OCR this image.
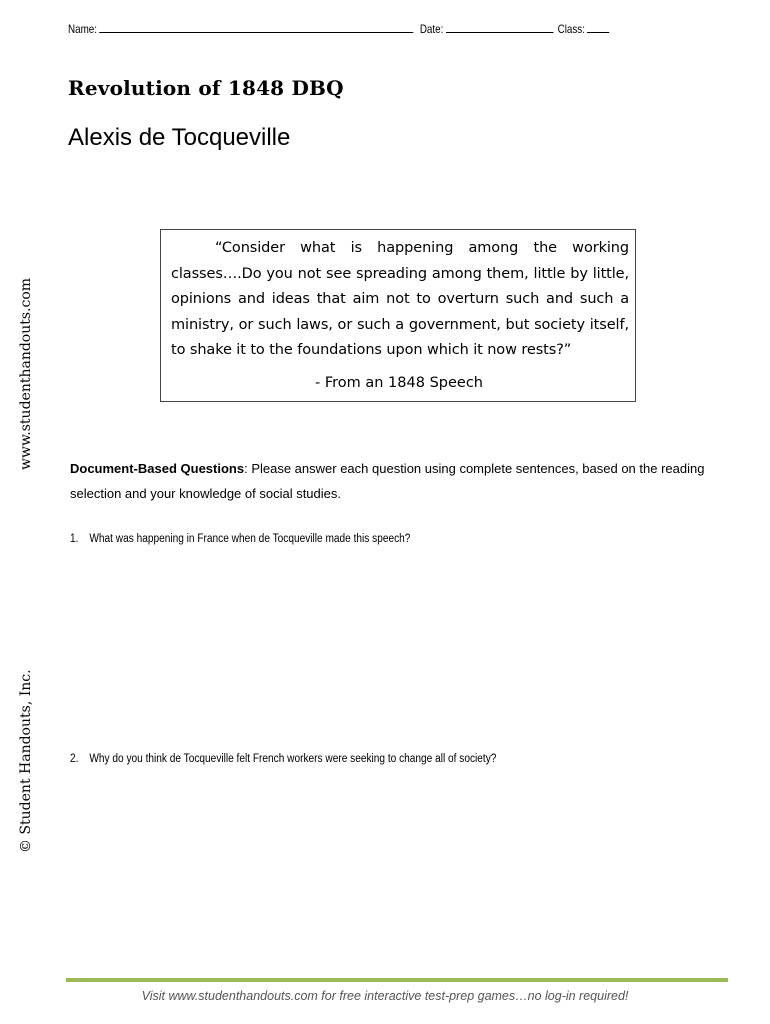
Name:	Date:	Class:
Revolution of 1848 DBQ
Alexis de Tocqueville
“Consider what is happening among the working classes….Do you not see spreading among them, little by little, opinions and ideas that aim not to overturn such and such a ministry, or such laws, or such a government, but society itself, to shake it to the foundations upon which it now rests?”
- From an 1848 Speech
www.studenthandouts.com
© Student Handouts, Inc.
Document-Based Questions: Please answer each question using complete sentences, based on the reading selection and your knowledge of social studies.
1. What was happening in France when de Tocqueville made this speech?
2. Why do you think de Tocqueville felt French workers were seeking to change all of society?
Visit www.studenthandouts.com for free interactive test-prep games…no log-in required!
